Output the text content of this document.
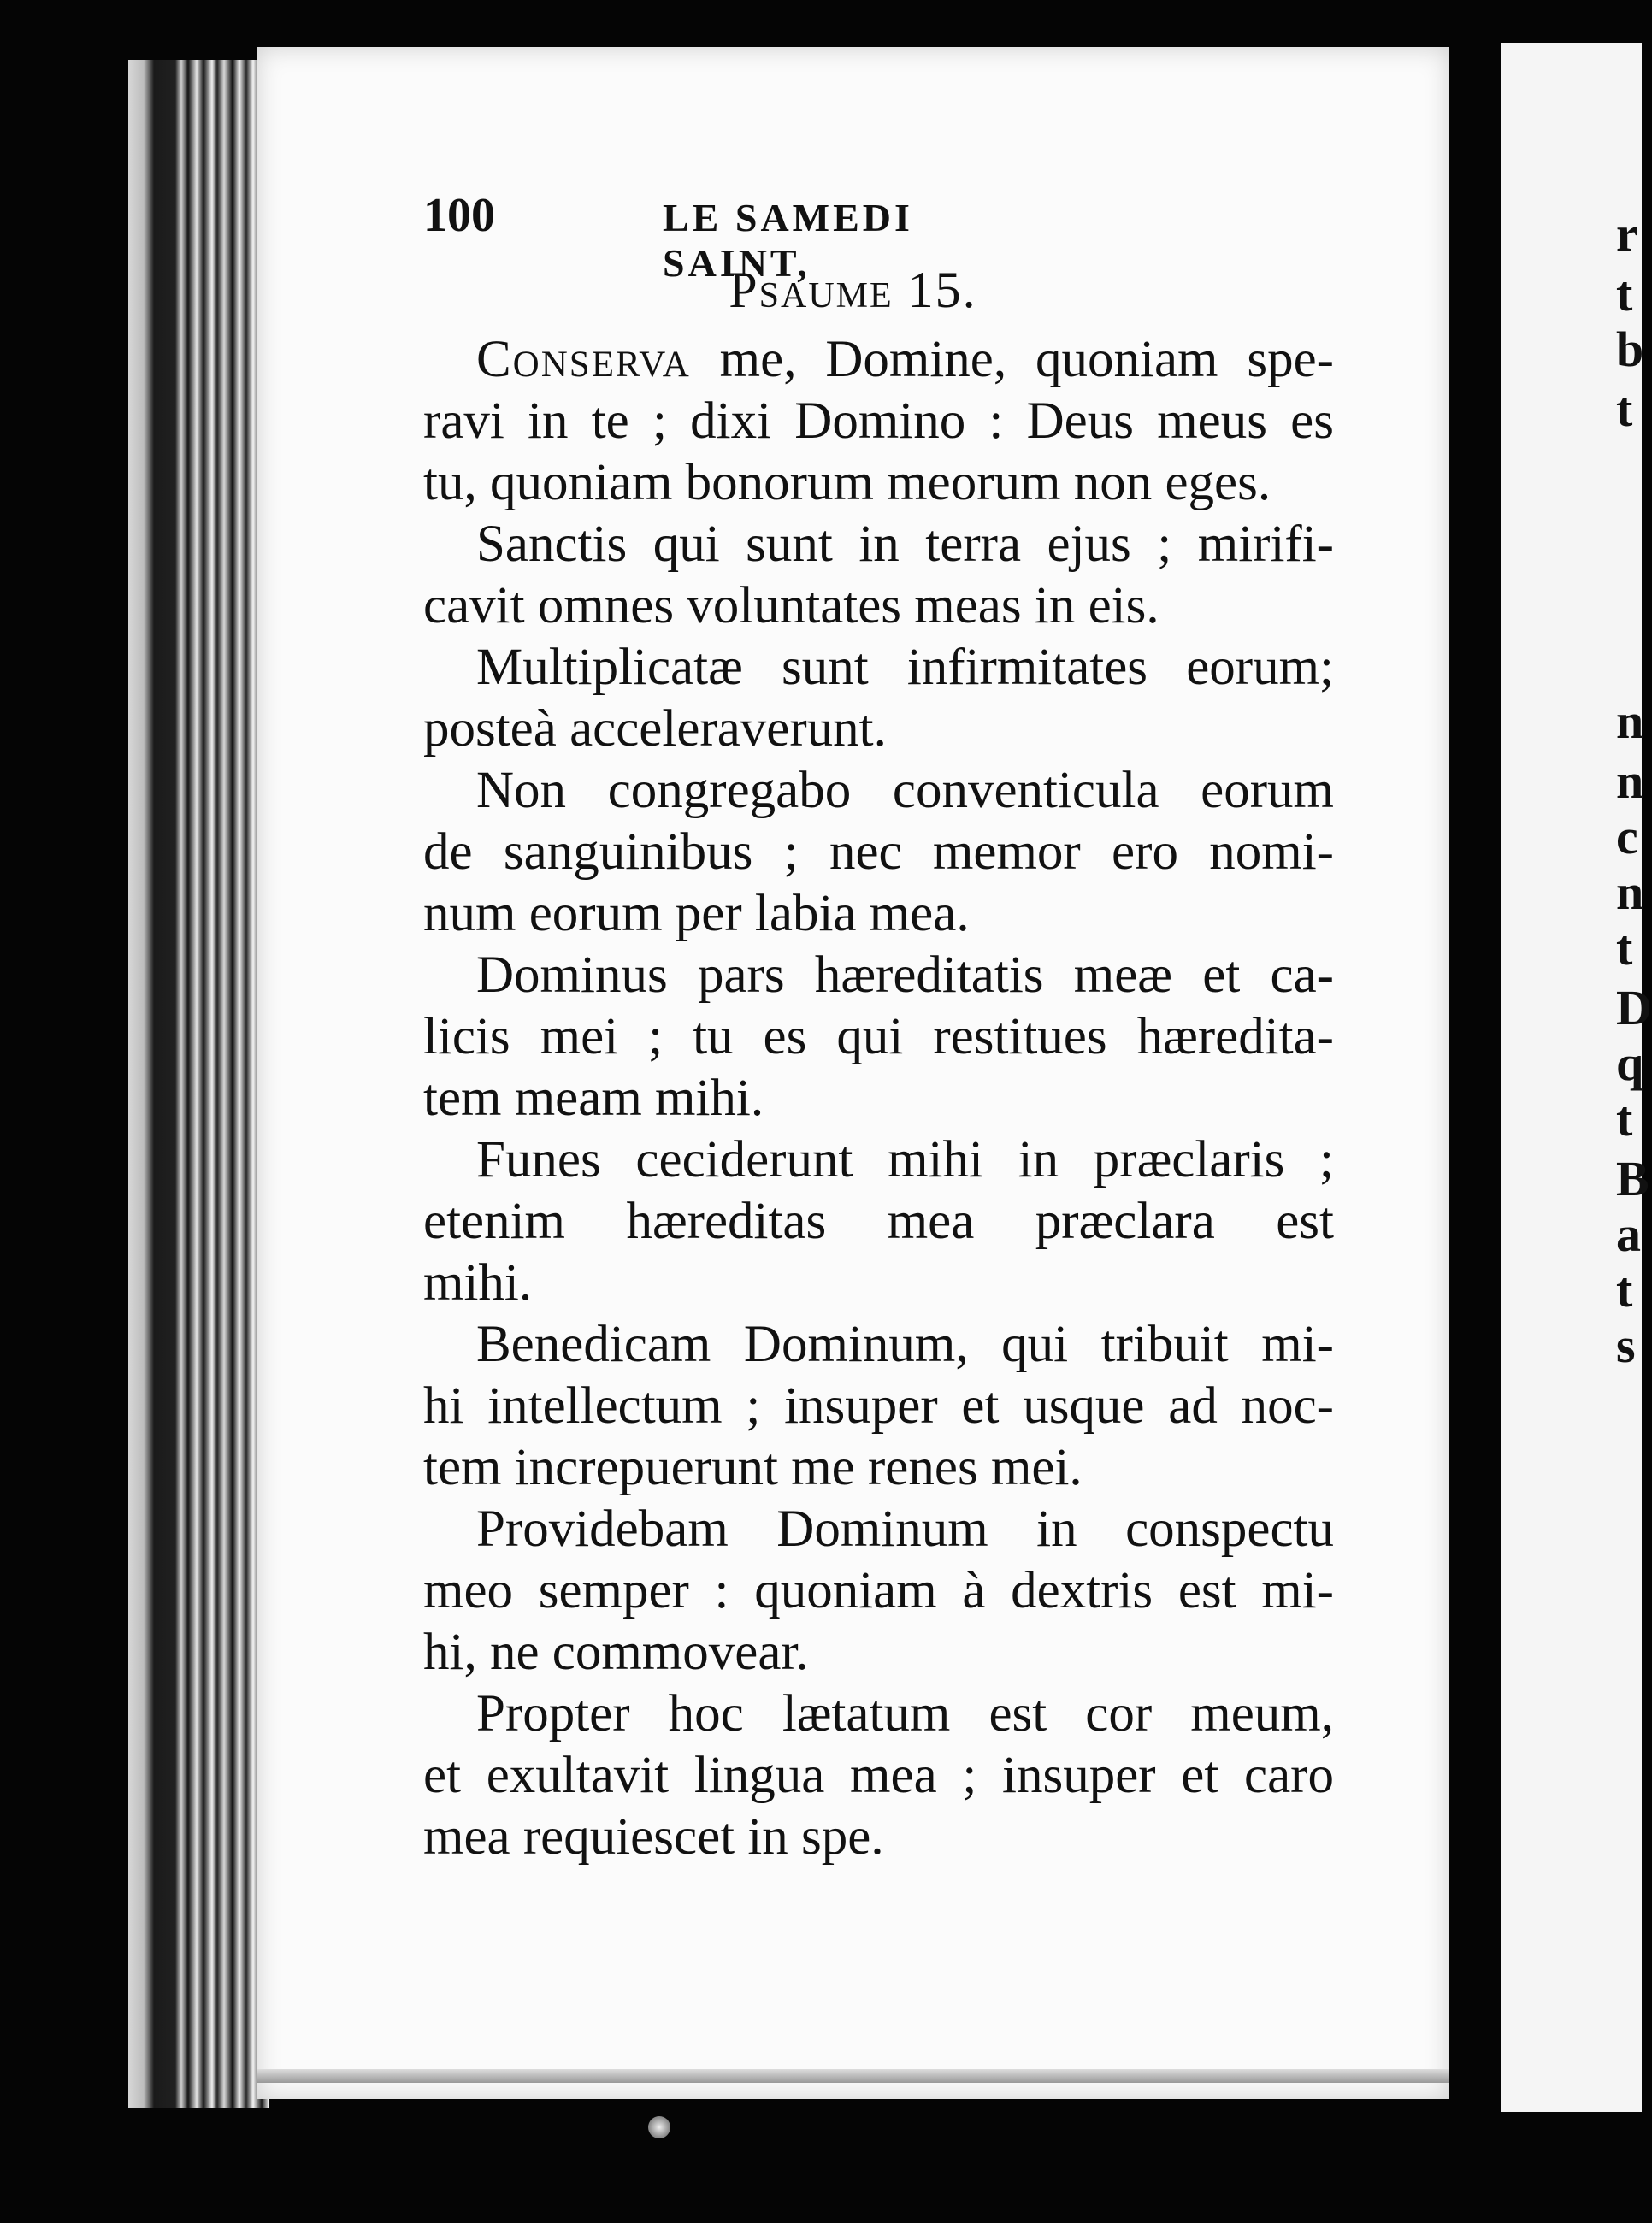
r
t
b
t
n
n
c
n
t
D
q
t
B
a
t
s
100	LE SAMEDI SAINT,
Psaume 15.
Conserva me, Domine, quoniam spe-
ravi in te ; dixi Domino : Deus meus es
tu, quoniam bonorum meorum non eges.
Sanctis qui sunt in terra ejus ; mirifi-
cavit omnes voluntates meas in eis.
Multiplicatæ sunt infirmitates eorum;
posteà acceleraverunt.
Non congregabo conventicula eorum
de sanguinibus ; nec memor ero nomi-
num eorum per labia mea.
Dominus pars hæreditatis meæ et ca-
licis mei ; tu es qui restitues hæredita-
tem meam mihi.
Funes ceciderunt mihi in præclaris ;
etenim hæreditas mea præclara est
mihi.
Benedicam Dominum, qui tribuit mi-
hi intellectum ; insuper et usque ad noc-
tem increpuerunt me renes mei.
Providebam Dominum in conspectu
meo semper : quoniam à dextris est mi-
hi, ne commovear.
Propter hoc lætatum est cor meum,
et exultavit lingua mea ; insuper et caro
mea requiescet in spe.
